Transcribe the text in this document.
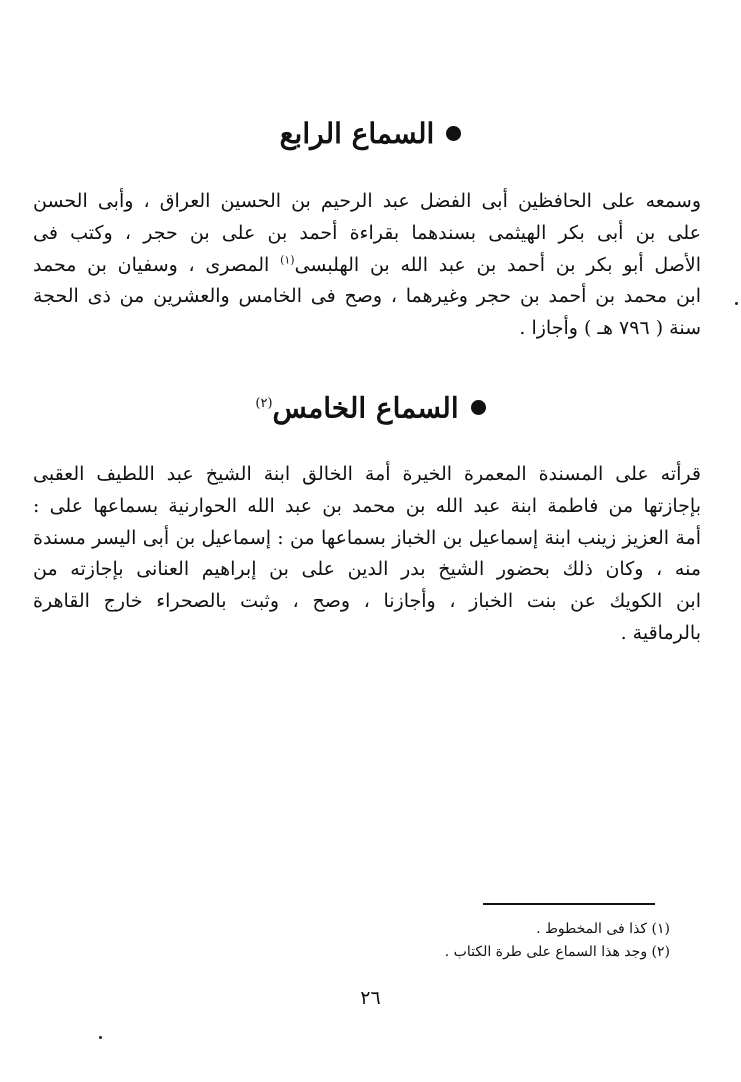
السماع الرابع
وسمعه على الحافظين أبى الفضل عبد الرحيم بن الحسين العراق ، وأبى الحسن
على بن أبى بكر الهيثمى بسندهما بقراءة أحمد بن على بن حجر ، وكتب فى
الأصل أبو بكر بن أحمد بن عبد الله بن الهلبسى$^{(١)}$ المصرى ، وسفيان بن محمد
ابن محمد بن أحمد بن حجر وغيرهما ، وصح فى الخامس والعشرين من ذى الحجة
سنة ( ٧٩٦ هـ ) وأجازا .
السماع الخامس$^{(٢)}$
قرأته على المسندة المعمرة الخيرة أمة الخالق ابنة الشيخ عبد اللطيف العقبى
بإجازتها من فاطمة ابنة عبد الله بن محمد بن عبد الله الحوارنية بسماعها على :
أمة العزيز زينب ابنة إسماعيل بن الخباز بسماعها من : إسماعيل بن أبى اليسر مسندة
منه ، وكان ذلك بحضور الشيخ بدر الدين على بن إبراهيم العنانى بإجازته من
ابن الكويك عن بنت الخباز ، وأجازنا ، وصح ، وثبت بالصحراء خارج القاهرة
بالرماقية .
(١) كذا فى المخطوط .
(٢) وجد هذا السماع على طرة الكتاب .
٢٦
